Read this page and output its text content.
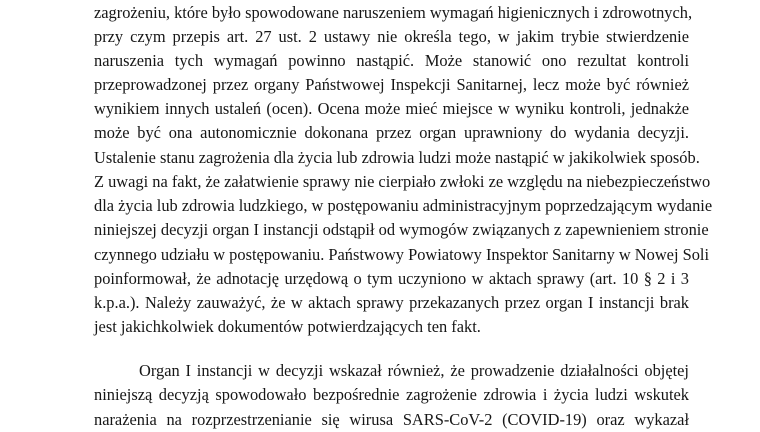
zagrożeniu, które było spowodowane naruszeniem wymagań higienicznych i zdrowotnych,
przy czym przepis art. 27 ust. 2 ustawy nie określa tego, w jakim trybie stwierdzenie
naruszenia tych wymagań powinno nastąpić. Może stanowić ono rezultat kontroli
przeprowadzonej przez organy Państwowej Inspekcji Sanitarnej, lecz może być również
wynikiem innych ustaleń (ocen). Ocena może mieć miejsce w wyniku kontroli, jednakże
może być ona autonomicznie dokonana przez organ uprawniony do wydania decyzji.
Ustalenie stanu zagrożenia dla życia lub zdrowia ludzi może nastąpić w jakikolwiek sposób.
Z uwagi na fakt, że załatwienie sprawy nie cierpiało zwłoki ze względu na niebezpieczeństwo
dla życia lub zdrowia ludzkiego, w postępowaniu administracyjnym poprzedzającym wydanie
niniejszej decyzji organ I instancji odstąpił od wymogów związanych z zapewnieniem stronie
czynnego udziału w postępowaniu. Państwowy Powiatowy Inspektor Sanitarny w Nowej Soli
poinformował, że adnotację urzędową o tym uczyniono w aktach sprawy (art. 10 § 2 i 3
k.p.a.). Należy zauważyć, że w aktach sprawy przekazanych przez organ I instancji brak
jest jakichkolwiek dokumentów potwierdzających ten fakt.
Organ I instancji w decyzji wskazał również, że prowadzenie działalności objętej
niniejszą decyzją spowodowało bezpośrednie zagrożenie zdrowia i życia ludzi wskutek
narażenia na rozprzestrzenianie się wirusa SARS-CoV-2 (COVID-19) oraz wykazał
